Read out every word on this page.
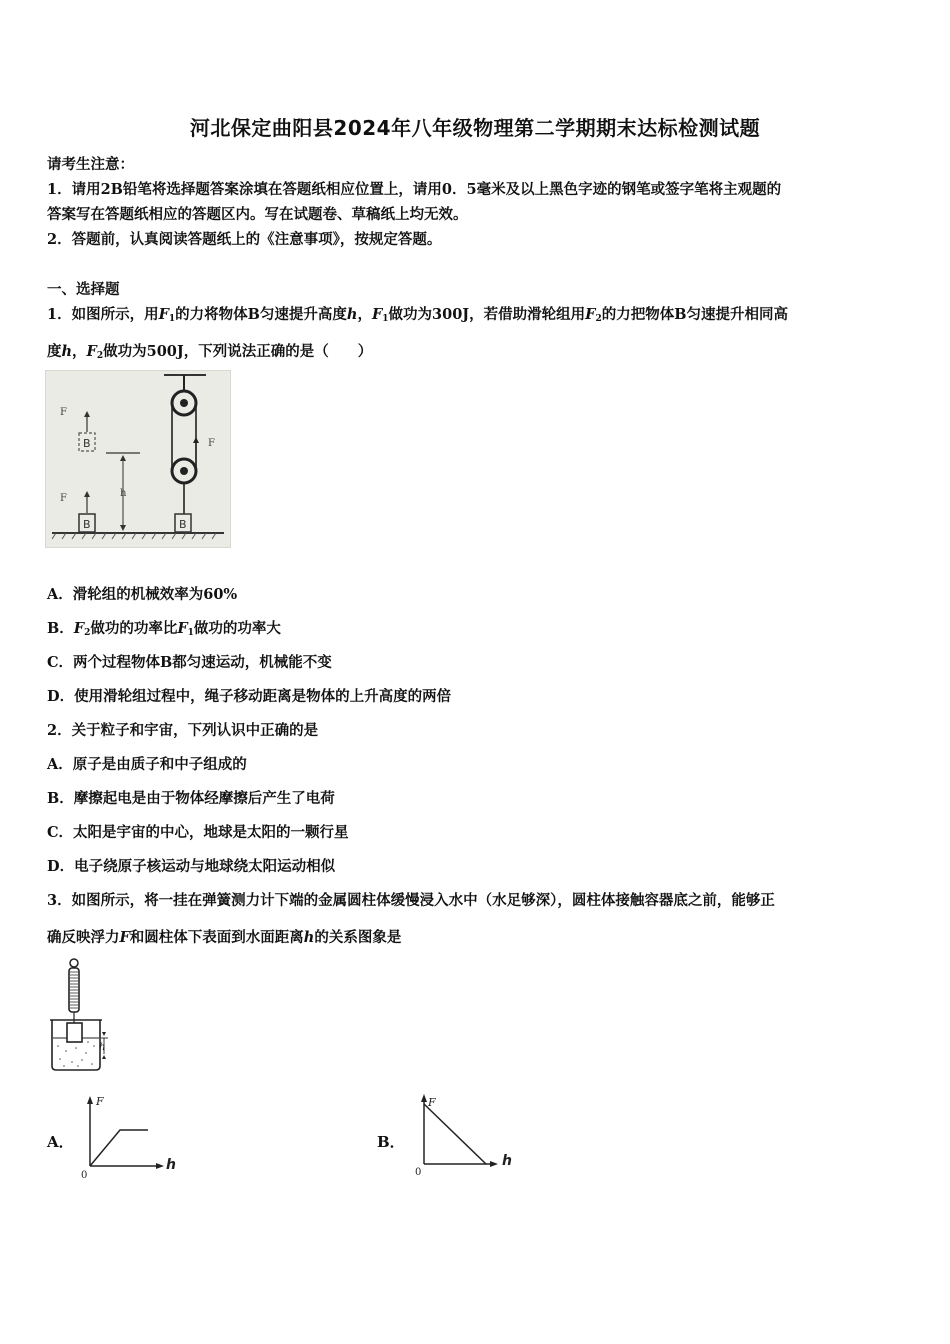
河北保定曲阳县2024年八年级物理第二学期期末达标检测试题
请考生注意：
1．请用2B铅笔将选择题答案涂填在答题纸相应位置上，请用0．5毫米及以上黑色字迹的钢笔或签字笔将主观题的
答案写在答题纸相应的答题区内。写在试题卷、草稿纸上均无效。
2．答题前，认真阅读答题纸上的《注意事项》，按规定答题。
一、选择题
1．如图所示，用$F_1$的力将物体B匀速提升高度h，$F_1$做功为300J，若借助滑轮组用$F_2$的力把物体B匀速提升相同高
度h，$F_2$做功为500J，下列说法正确的是（　　）
B
B
F
F
h
F
B
A．滑轮组的机械效率为60%
B．$F_2$做功的功率比$F_1$做功的功率大
C．两个过程物体B都匀速运动，机械能不变
D．使用滑轮组过程中，绳子移动距离是物体的上升高度的两倍
2．关于粒子和宇宙，下列认识中正确的是
A．原子是由质子和中子组成的
B．摩擦起电是由于物体经摩擦后产生了电荷
C．太阳是宇宙的中心，地球是太阳的一颗行星
D．电子绕原子核运动与地球绕太阳运动相似
3．如图所示，将一挂在弹簧测力计下端的金属圆柱体缓慢浸入水中（水足够深），圆柱体接触容器底之前，能够正
确反映浮力F和圆柱体下表面到水面距离h的关系图象是
h
A．
F
h
0
B．
F
h
0
